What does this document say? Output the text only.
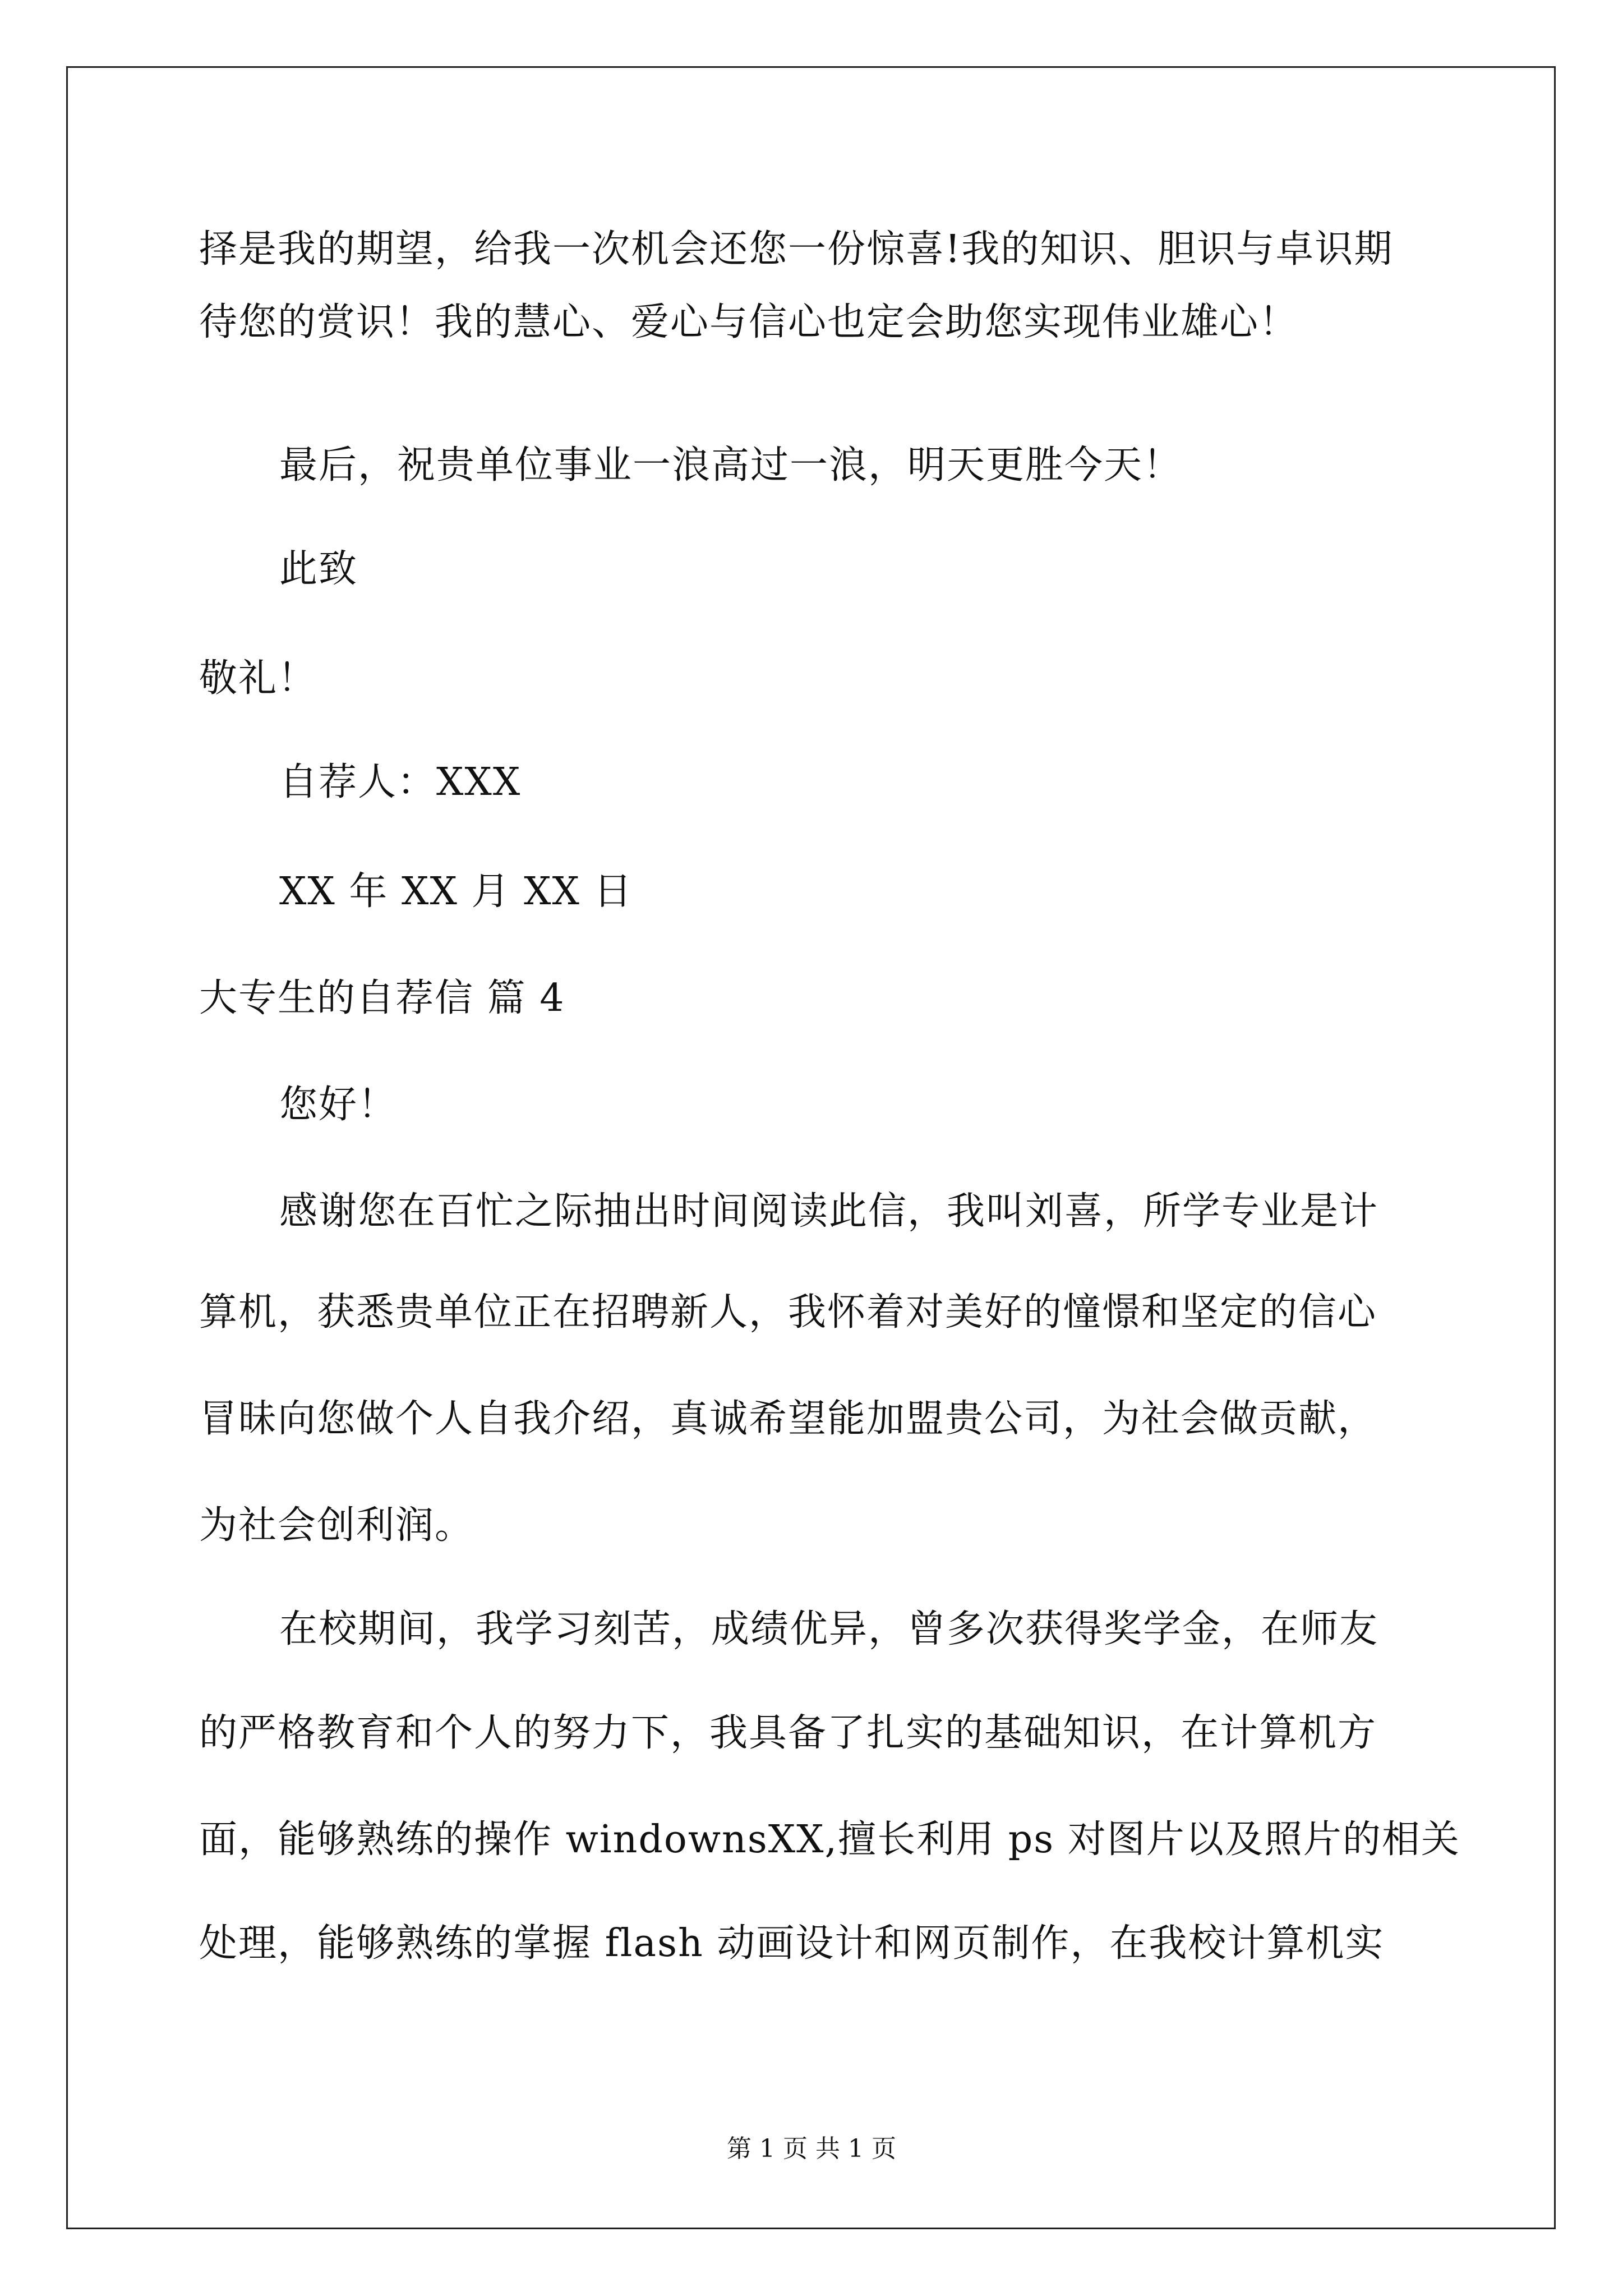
择是我的期望，给我一次机会还您一份惊喜!我的知识、胆识与卓识期
待您的赏识！我的慧心、爱心与信心也定会助您实现伟业雄心！
最后，祝贵单位事业一浪高过一浪，明天更胜今天！
此致
敬礼！
自荐人：XXX
XX 年 XX 月 XX 日
大专生的自荐信 篇 4
您好！
感谢您在百忙之际抽出时间阅读此信，我叫刘喜，所学专业是计
算机，获悉贵单位正在招聘新人，我怀着对美好的憧憬和坚定的信心
冒昧向您做个人自我介绍，真诚希望能加盟贵公司，为社会做贡献，
为社会创利润。
在校期间，我学习刻苦，成绩优异，曾多次获得奖学金，在师友
的严格教育和个人的努力下，我具备了扎实的基础知识，在计算机方
面，能够熟练的操作 windownsXX,擅长利用 ps 对图片以及照片的相关
处理，能够熟练的掌握 flash 动画设计和网页制作，在我校计算机实
第 1 页 共 1 页
